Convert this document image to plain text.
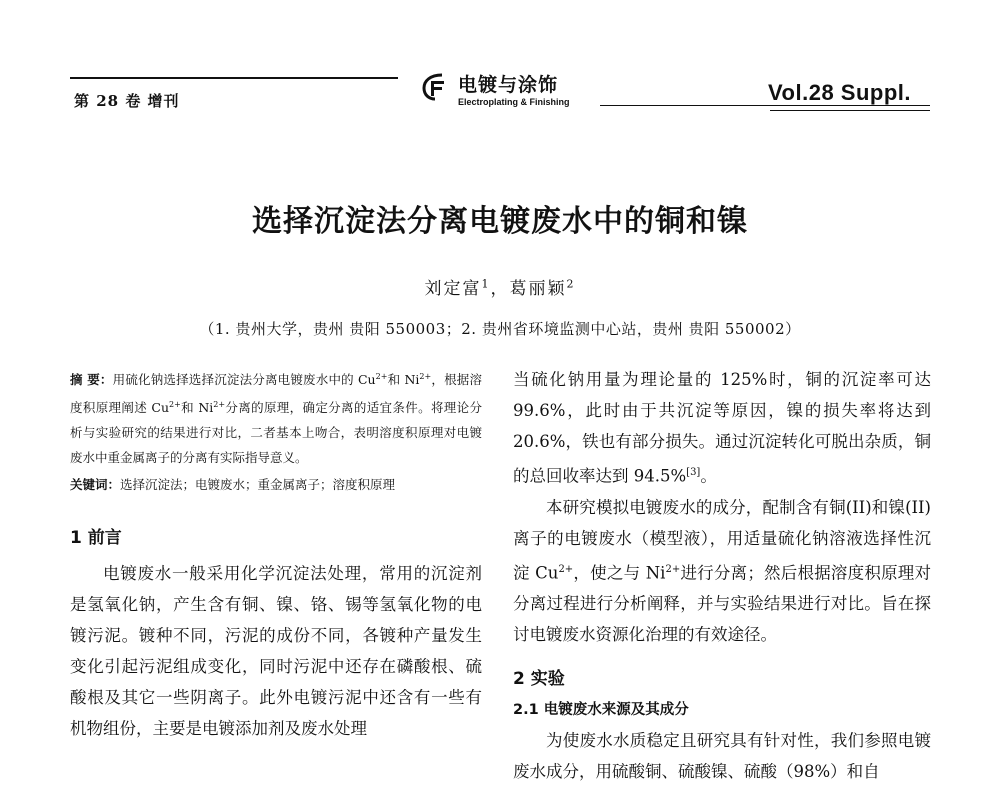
第 28 卷 增刊
电镀与涂饰
Electroplating & Finishing	Vol.28 Suppl.
选择沉淀法分离电镀废水中的铜和镍
刘定富$^1$，葛丽颖$^2$
（1. 贵州大学，贵州 贵阳 550003；2. 贵州省环境监测中心站，贵州 贵阳 550002）
摘 要：用硫化钠选择选择沉淀法分离电镀废水中的 $Cu^{2+}$和 $Ni^{2+}$，根据溶度积原理阐述 $Cu^{2+}$和 $Ni^{2+}$分离的原理，确定分离的适宜条件。将理论分析与实验研究的结果进行对比，二者基本上吻合，表明溶度积原理对电镀废水中重金属离子的分离有实际指导意义。
关键词：选择沉淀法；电镀废水；重金属离子；溶度积原理
1 前言

电镀废水一般采用化学沉淀法处理，常用的沉淀剂是氢氧化钠，产生含有铜、镍、铬、锡等氢氧化物的电镀污泥。镀种不同，污泥的成份不同，各镀种产量发生变化引起污泥组成变化，同时污泥中还存在磷酸根、硫酸根及其它一些阴离子。此外电镀污泥中还含有一些有机物组份，主要是电镀添加剂及废水处理

当硫化钠用量为理论量的 125%时，铜的沉淀率可达 99.6%，此时由于共沉淀等原因，镍的损失率将达到 20.6%，铁也有部分损失。通过沉淀转化可脱出杂质，铜的总回收率达到 94.5%[3]。

本研究模拟电镀废水的成分，配制含有铜(II)和镍(II)离子的电镀废水（模型液），用适量硫化钠溶液选择性沉淀 $Cu^{2+}$，使之与 $Ni^{2+}$进行分离；然后根据溶度积原理对分离过程进行分析阐释，并与实验结果进行对比。旨在探讨电镀废水资源化治理的有效途径。

2 实验
2.1 电镀废水来源及其成分

为使废水水质稳定且研究具有针对性，我们参照电镀废水成分，用硫酸铜、硫酸镍、硫酸（98%）和自
